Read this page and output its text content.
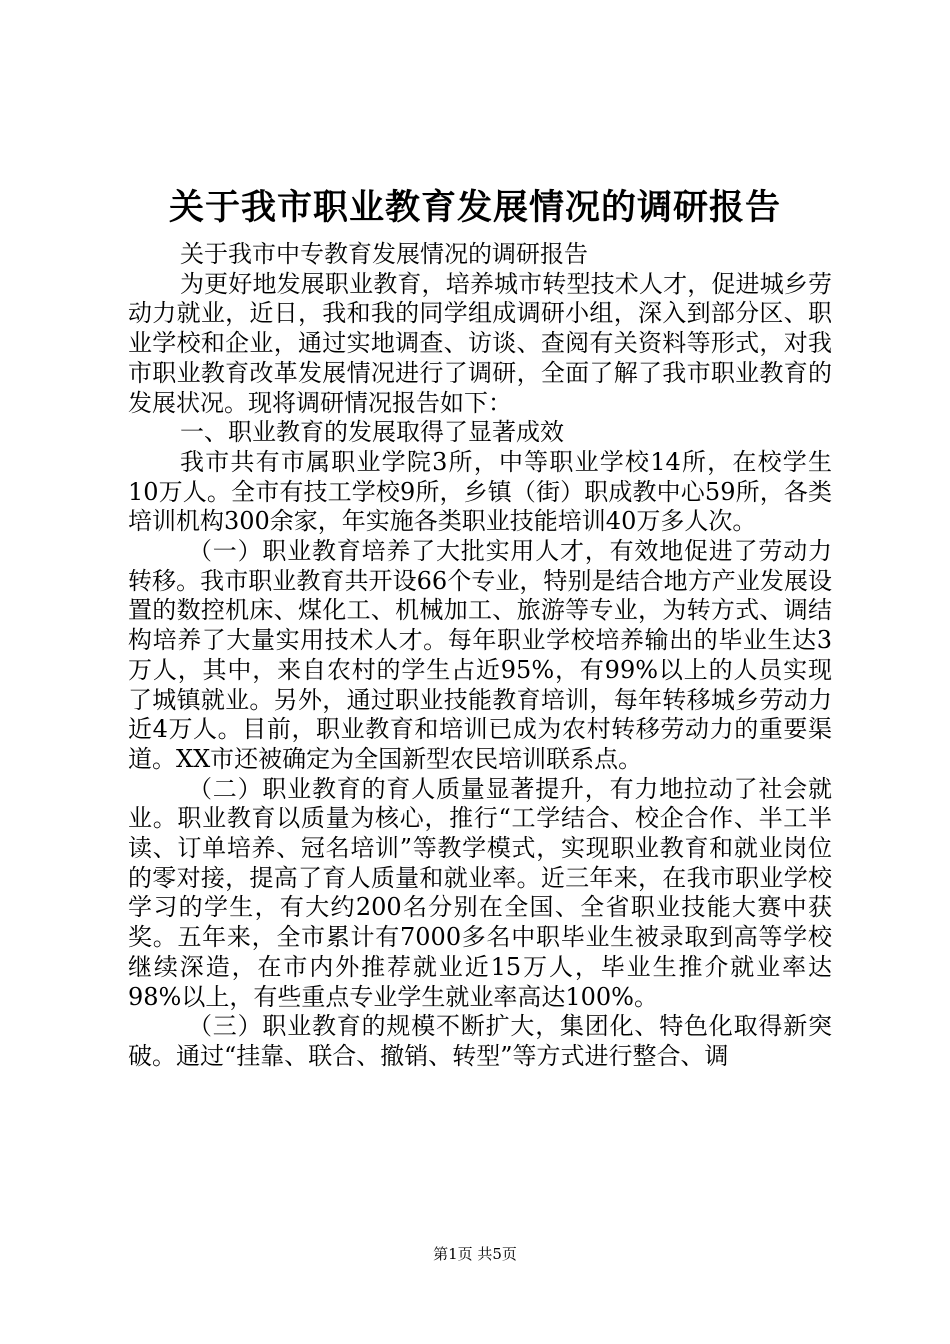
关于我市职业教育发展情况的调研报告

关于我市中专教育发展情况的调研报告

为更好地发展职业教育，培养城市转型技术人才，促进城乡劳动力就业，近日，我和我的同学组成调研小组，深入到部分区、职业学校和企业，通过实地调查、访谈、查阅有关资料等形式，对我市职业教育改革发展情况进行了调研，全面了解了我市职业教育的发展状况。现将调研情况报告如下：

一、职业教育的发展取得了显著成效

我市共有市属职业学院3所，中等职业学校14所，在校学生10万人。全市有技工学校9所，乡镇（街）职成教中心59所，各类培训机构300余家，年实施各类职业技能培训40万多人次。

（一）职业教育培养了大批实用人才，有效地促进了劳动力转移。我市职业教育共开设66个专业，特别是结合地方产业发展设置的数控机床、煤化工、机械加工、旅游等专业，为转方式、调结构培养了大量实用技术人才。每年职业学校培养输出的毕业生达3万人，其中，来自农村的学生占近95%，有99%以上的人员实现了城镇就业。另外，通过职业技能教育培训，每年转移城乡劳动力近4万人。目前，职业教育和培训已成为农村转移劳动力的重要渠道。XX市还被确定为全国新型农民培训联系点。

（二）职业教育的育人质量显著提升，有力地拉动了社会就业。职业教育以质量为核心，推行“工学结合、校企合作、半工半读、订单培养、冠名培训”等教学模式，实现职业教育和就业岗位的零对接，提高了育人质量和就业率。近三年来，在我市职业学校学习的学生，有大约200名分别在全国、全省职业技能大赛中获奖。五年来，全市累计有7000多名中职毕业生被录取到高等学校继续深造，在市内外推荐就业近15万人，毕业生推介就业率达98%以上，有些重点专业学生就业率高达100%。

（三）职业教育的规模不断扩大，集团化、特色化取得新突破。通过“挂靠、联合、撤销、转型”等方式进行整合、调

第1页 共5页
